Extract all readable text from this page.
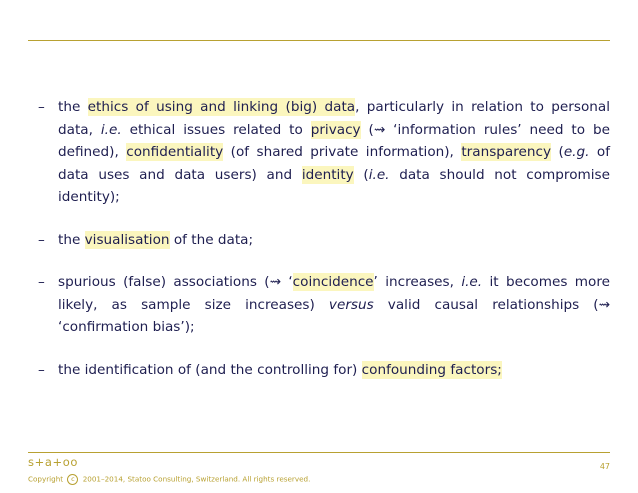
– the ethics of using and linking (big) data, particularly in relation to personal data, i.e. ethical issues related to privacy (⇝ ‘information rules’ need to be defined), confidentiality (of shared private information), transparency (e.g. of data uses and data users) and identity (i.e. data should not compromise identity);
– the visualisation of the data;
– spurious (false) associations (⇝ ‘coincidence’ increases, i.e. it becomes more likely, as sample size increases) versus valid causal relationships (⇝ ‘confirmation bias’);
– the identification of (and the controlling for) confounding factors;
s+a+oo	47
Copyright c 2001–2014, Statoo Consulting, Switzerland. All rights reserved.
